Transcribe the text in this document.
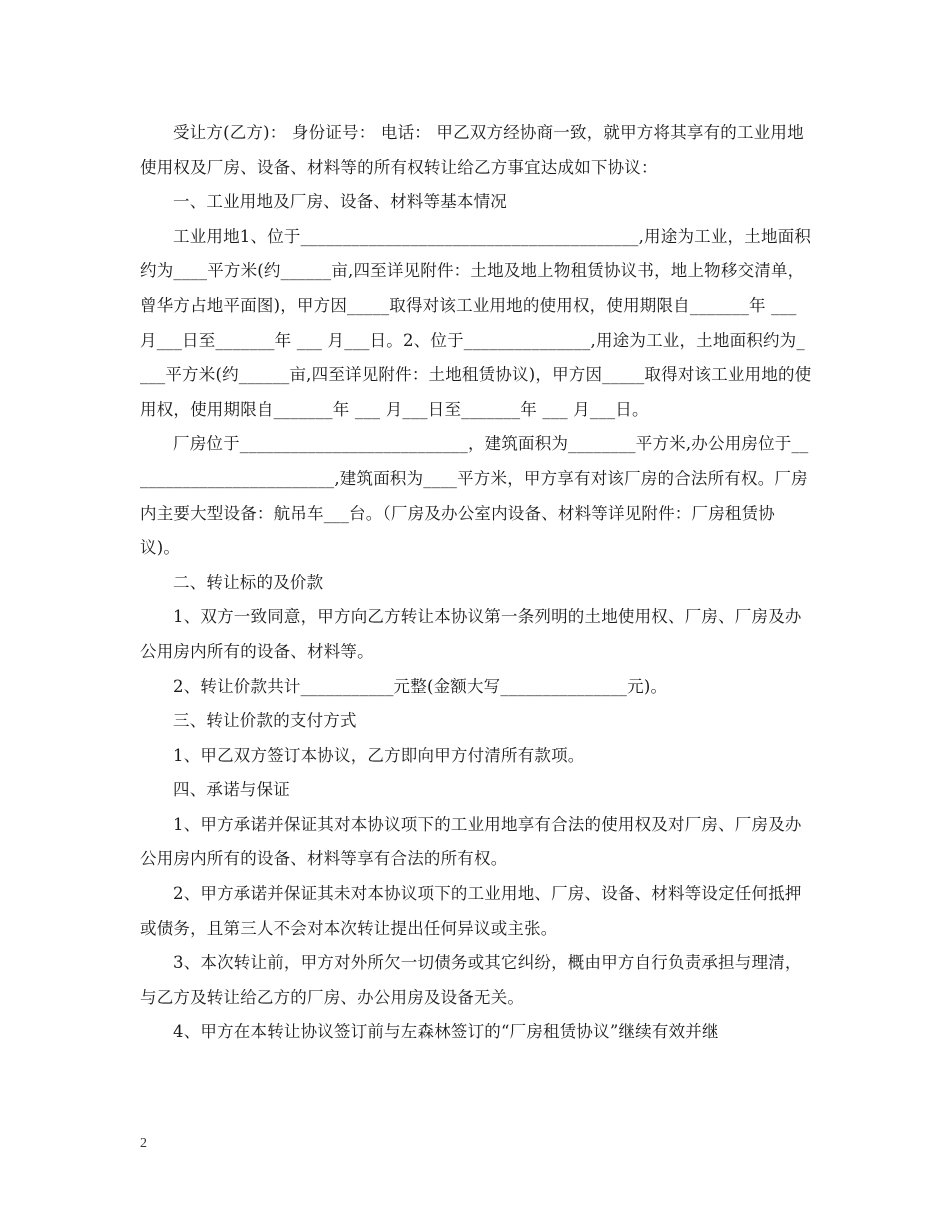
受让方(乙方)： 身份证号： 电话： 甲乙双方经协商一致，就甲方将其享有的工业用地使用权及厂房、设备、材料等的所有权转让给乙方事宜达成如下协议：

一、工业用地及厂房、设备、材料等基本情况

工业用地1、位于________________________________________,用途为工业，土地面积约为____平方米(约______亩,四至详见附件：土地及地上物租赁协议书，地上物移交清单，曾华方占地平面图)，甲方因_____取得对该工业用地的使用权，使用期限自_______年 ___ 月___日至_______年 ___ 月___日。2、位于_______________,用途为工业，土地面积约为____平方米(约______亩,四至详见附件：土地租赁协议)，甲方因_____取得对该工业用地的使用权，使用期限自_______年 ___ 月___日至_______年 ___ 月___日。

厂房位于___________________________，建筑面积为________平方米,办公用房位于_________________________,建筑面积为____平方米，甲方享有对该厂房的合法所有权。厂房内主要大型设备：航吊车___台。（厂房及办公室内设备、材料等详见附件：厂房租赁协议)。

二、转让标的及价款

1、双方一致同意，甲方向乙方转让本协议第一条列明的土地使用权、厂房、厂房及办公用房内所有的设备、材料等。

2、转让价款共计___________元整(金额大写_______________元)。

三、转让价款的支付方式

1、甲乙双方签订本协议，乙方即向甲方付清所有款项。

四、承诺与保证

1、甲方承诺并保证其对本协议项下的工业用地享有合法的使用权及对厂房、厂房及办公用房内所有的设备、材料等享有合法的所有权。

2、甲方承诺并保证其未对本协议项下的工业用地、厂房、设备、材料等设定任何抵押或债务，且第三人不会对本次转让提出任何异议或主张。

3、本次转让前，甲方对外所欠一切债务或其它纠纷，概由甲方自行负责承担与理清，与乙方及转让给乙方的厂房、办公用房及设备无关。

4、甲方在本转让协议签订前与左森林签订的“厂房租赁协议”继续有效并继

2
